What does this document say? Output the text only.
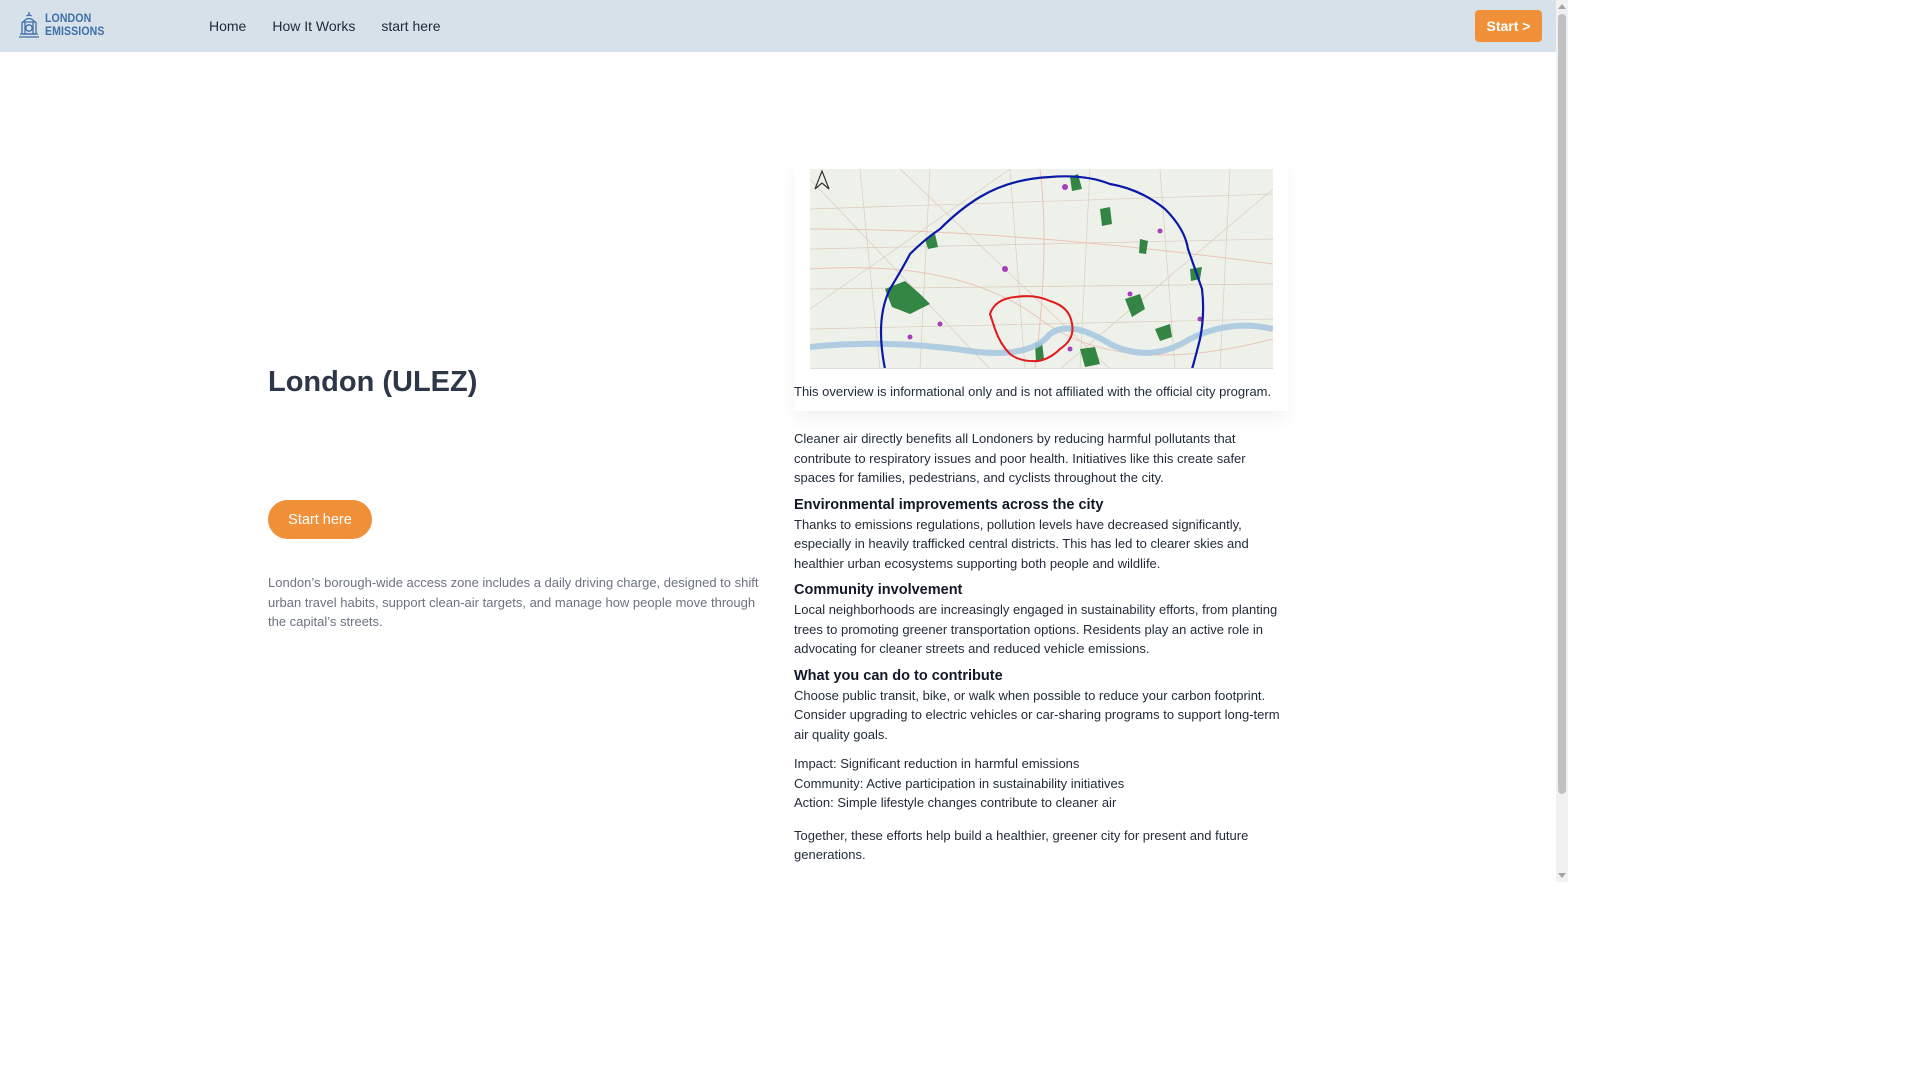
LONDON
EMISSIONS	Home	How It Works	start here	Start >
London (ULEZ)
Start here

London’s borough-wide access zone includes a daily driving charge, designed to shift urban travel habits, support clean-air targets, and manage how people move through the capital’s streets.

This overview is informational only and is not affiliated with the official city program.

Cleaner air directly benefits all Londoners by reducing harmful pollutants that contribute to respiratory issues and poor health. Initiatives like this create safer spaces for families, pedestrians, and cyclists throughout the city.

Environmental improvements across the city

Thanks to emissions regulations, pollution levels have decreased significantly, especially in heavily trafficked central districts. This has led to clearer skies and healthier urban ecosystems supporting both people and wildlife.

Community involvement

Local neighborhoods are increasingly engaged in sustainability efforts, from planting trees to promoting greener transportation options. Residents play an active role in advocating for cleaner streets and reduced vehicle emissions.

What you can do to contribute

Choose public transit, bike, or walk when possible to reduce your carbon footprint. Consider upgrading to electric vehicles or car-sharing programs to support long-term air quality goals.

Impact: Significant reduction in harmful emissions

Community: Active participation in sustainability initiatives

Action: Simple lifestyle changes contribute to cleaner air

Together, these efforts help build a healthier, greener city for present and future generations.
